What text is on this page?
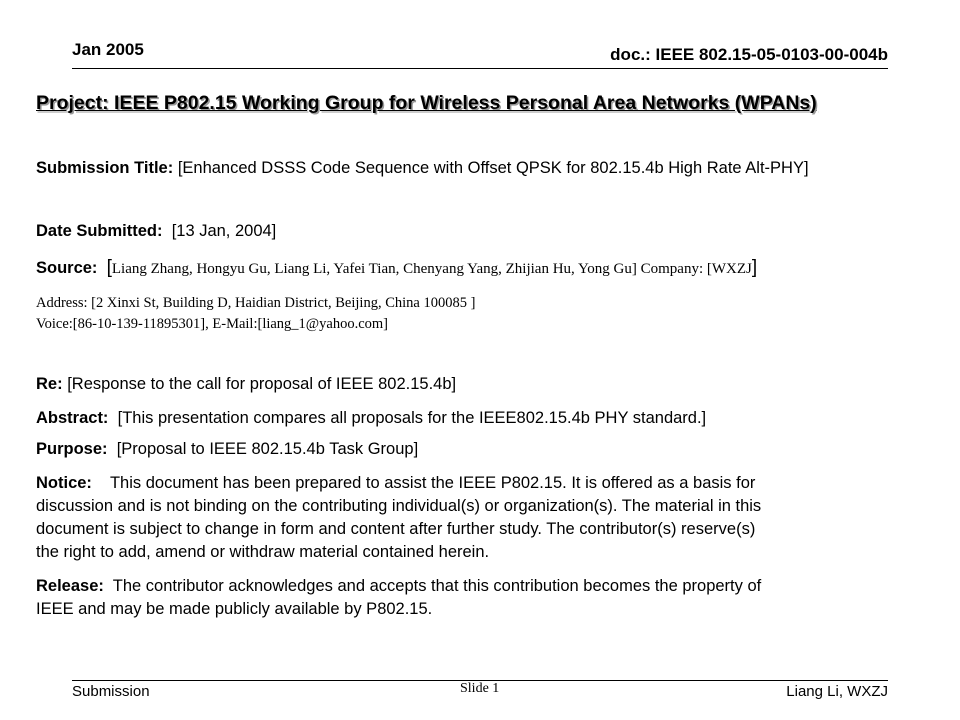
Jan 2005	doc.: IEEE 802.15-05-0103-00-004b
Project: IEEE P802.15 Working Group for Wireless Personal Area Networks (WPANs)
Submission Title: [Enhanced DSSS Code Sequence with Offset QPSK for 802.15.4b High Rate Alt-PHY]
Date Submitted: [13 Jan, 2004]
Source: [Liang Zhang, Hongyu Gu, Liang Li, Yafei Tian, Chenyang Yang, Zhijian Hu, Yong Gu] Company: [WXZJ]
Address: [2 Xinxi St, Building D, Haidian District, Beijing, China 100085 ]
Voice:[86-10-139-11895301], E-Mail:[liang_1@yahoo.com]
Re: [Response to the call for proposal of IEEE 802.15.4b]
Abstract: [This presentation compares all proposals for the IEEE802.15.4b PHY standard.]
Purpose: [Proposal to IEEE 802.15.4b Task Group]
Notice: This document has been prepared to assist the IEEE P802.15. It is offered as a basis for
discussion and is not binding on the contributing individual(s) or organization(s). The material in this
document is subject to change in form and content after further study. The contributor(s) reserve(s)
the right to add, amend or withdraw material contained herein.
Release: The contributor acknowledges and accepts that this contribution becomes the property of
IEEE and may be made publicly available by P802.15.
Submission	Slide 1	Liang Li, WXZJ
